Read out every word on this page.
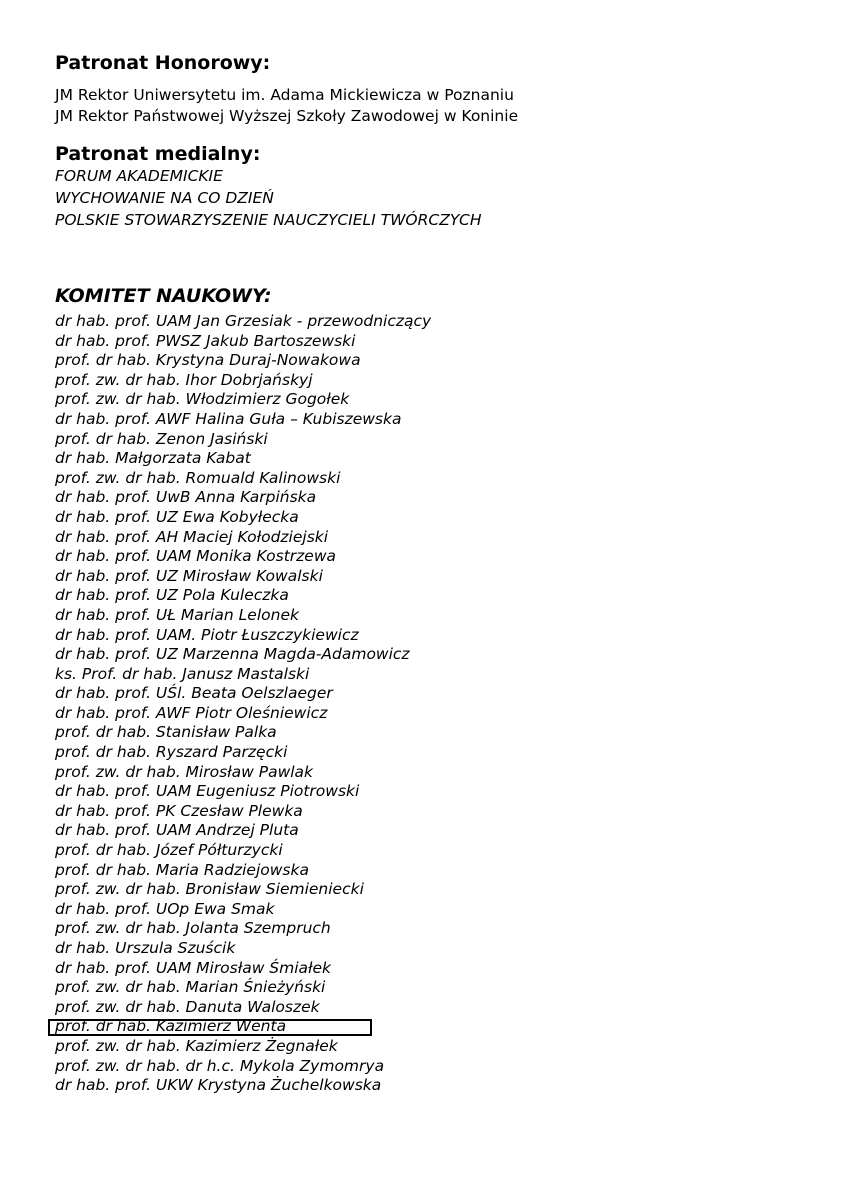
Patronat Honorowy:
JM Rektor Uniwersytetu im. Adama Mickiewicza w Poznaniu
JM Rektor Państwowej Wyższej Szkoły Zawodowej w Koninie
Patronat medialny:
FORUM AKADEMICKIE
WYCHOWANIE NA CO DZIEŃ
POLSKIE STOWARZYSZENIE NAUCZYCIELI TWÓRCZYCH
KOMITET NAUKOWY:
dr hab. prof. UAM Jan Grzesiak - przewodniczący
dr hab. prof. PWSZ Jakub Bartoszewski
prof. dr hab. Krystyna Duraj-Nowakowa
prof. zw. dr hab. Ihor Dobrjańskyj
prof. zw. dr hab. Włodzimierz Gogołek
dr hab. prof. AWF Halina Guła – Kubiszewska
prof. dr hab. Zenon Jasiński
dr hab. Małgorzata Kabat
prof. zw. dr hab. Romuald Kalinowski
dr hab. prof. UwB Anna Karpińska
dr hab. prof. UZ Ewa Kobyłecka
dr hab. prof. AH Maciej Kołodziejski
dr hab. prof. UAM Monika Kostrzewa
dr hab. prof. UZ Mirosław Kowalski
dr hab. prof. UZ Pola Kuleczka
dr hab. prof. UŁ Marian Lelonek
dr hab. prof. UAM. Piotr Łuszczykiewicz
dr hab. prof. UZ Marzenna Magda-Adamowicz
ks. Prof. dr hab. Janusz Mastalski
dr hab. prof. UŚl. Beata Oelszlaeger
dr hab. prof. AWF Piotr Oleśniewicz
prof. dr hab. Stanisław Palka
prof. dr hab. Ryszard Parzęcki
prof. zw. dr hab. Mirosław Pawlak
dr hab. prof. UAM Eugeniusz Piotrowski
dr hab. prof. PK Czesław Plewka
dr hab. prof. UAM Andrzej Pluta
prof. dr hab. Józef Półturzycki
prof. dr hab. Maria Radziejowska
prof. zw. dr hab. Bronisław Siemieniecki
dr hab. prof. UOp Ewa Smak
prof. zw. dr hab. Jolanta Szempruch
dr hab. Urszula Szuścik
dr hab. prof. UAM Mirosław Śmiałek
prof. zw. dr hab. Marian Śnieżyński
prof. zw. dr hab. Danuta Waloszek
prof. dr hab. Kazimierz Wenta
prof. zw. dr hab. Kazimierz Żegnałek
prof. zw. dr hab. dr h.c. Mykola Zymomrya
dr hab. prof. UKW Krystyna Żuchelkowska
